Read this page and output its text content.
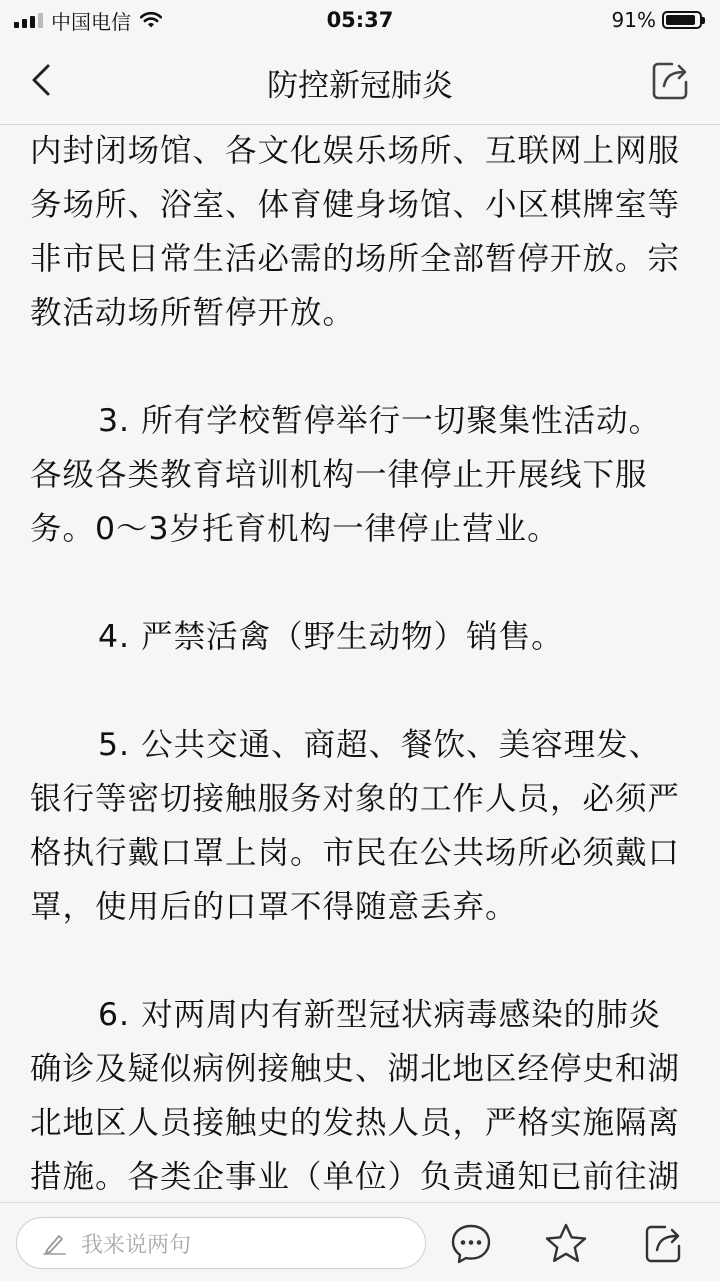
中国电信	05:37	91%
防控新冠肺炎

内封闭场馆、各文化娱乐场所、互联网上网服务场所、浴室、体育健身场馆、小区棋牌室等非市民日常生活必需的场所全部暂停开放。宗教活动场所暂停开放。

3. 所有学校暂停举行一切聚集性活动。各级各类教育培训机构一律停止开展线下服务。0～3岁托育机构一律停止营业。

4. 严禁活禽（野生动物）销售。

5. 公共交通、商超、餐饮、美容理发、银行等密切接触服务对象的工作人员，必须严格执行戴口罩上岗。市民在公共场所必须戴口罩，使用后的口罩不得随意丢弃。

6. 对两周内有新型冠状病毒感染的肺炎确诊及疑似病例接触史、湖北地区经停史和湖北地区人员接触史的发热人员，严格实施隔离措施。各类企事业（单位）负责通知已前往湖

我来说两句
